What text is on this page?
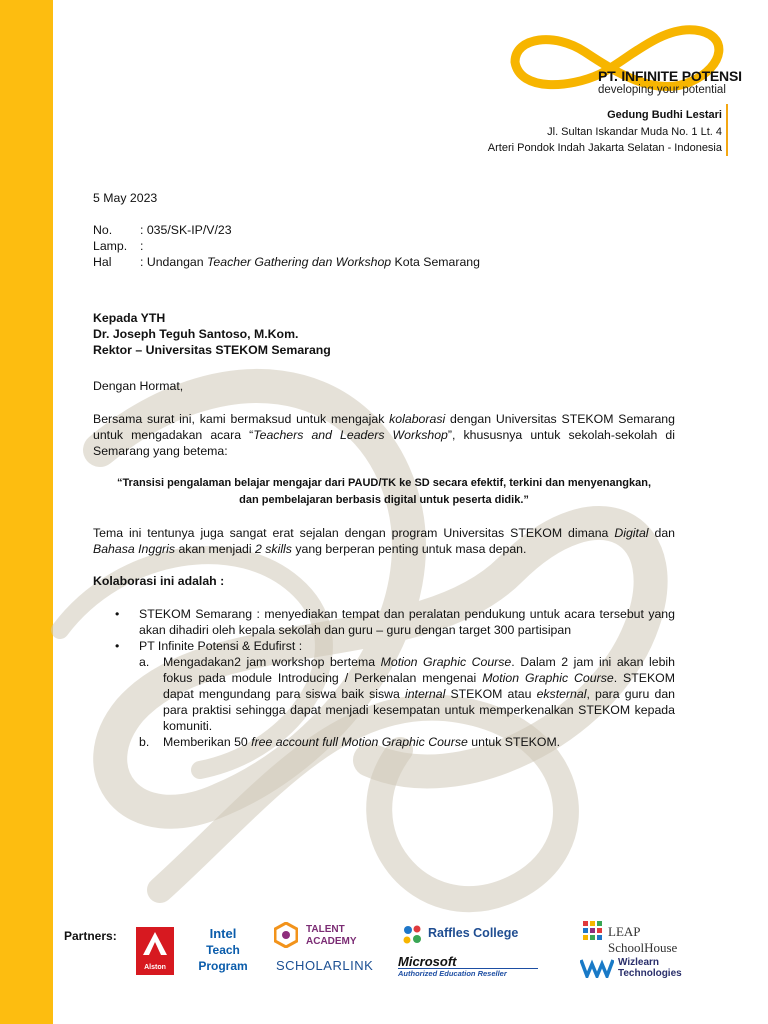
PT. INFINITE POTENSI
developing your potential
Gedung Budhi Lestari
Jl. Sultan Iskandar Muda No. 1 Lt. 4
Arteri Pondok Indah Jakarta Selatan - Indonesia
5 May 2023
No.	: 035/SK-IP/V/23
Lamp.	:
Hal	: Undangan Teacher Gathering dan Workshop Kota Semarang
Kepada YTH
Dr. Joseph Teguh Santoso, M.Kom.
Rektor – Universitas STEKOM Semarang
Dengan Hormat,
Bersama surat ini, kami bermaksud untuk mengajak kolaborasi dengan Universitas STEKOM Semarang untuk mengadakan acara “Teachers and Leaders Workshop”, khususnya untuk sekolah-sekolah di Semarang yang betema:
“Transisi pengalaman belajar mengajar dari PAUD/TK ke SD secara efektif, terkini dan menyenangkan,
dan pembelajaran berbasis digital untuk peserta didik.”
Tema ini tentunya juga sangat erat sejalan dengan program Universitas STEKOM dimana Digital dan Bahasa Inggris akan menjadi 2 skills yang berperan penting untuk masa depan.
Kolaborasi ini adalah :
•	STEKOM Semarang : menyediakan tempat dan peralatan pendukung untuk acara tersebut yang akan dihadiri oleh kepala sekolah dan guru – guru dengan target 300 partisipan
•	PT Infinite Potensi & Edufirst :
a.	Mengadakan2 jam workshop bertema Motion Graphic Course. Dalam 2 jam ini akan lebih fokus pada module Introducing / Perkenalan mengenai Motion Graphic Course. STEKOM dapat mengundang para siswa baik siswa internal STEKOM atau eksternal, para guru dan para praktisi sehingga dapat menjadi kesempatan untuk memperkenalkan STEKOM kepada komuniti.
b.	Memberikan 50 free account full Motion Graphic Course untuk STEKOM.
Partners:
Alston
Intel
Teach
Program
TALENT
ACADEMY
SCHOLARLINK
Raffles College
Microsoft
Authorized Education Reseller
LEAP SchoolHouse
Wizlearn
Technologies
